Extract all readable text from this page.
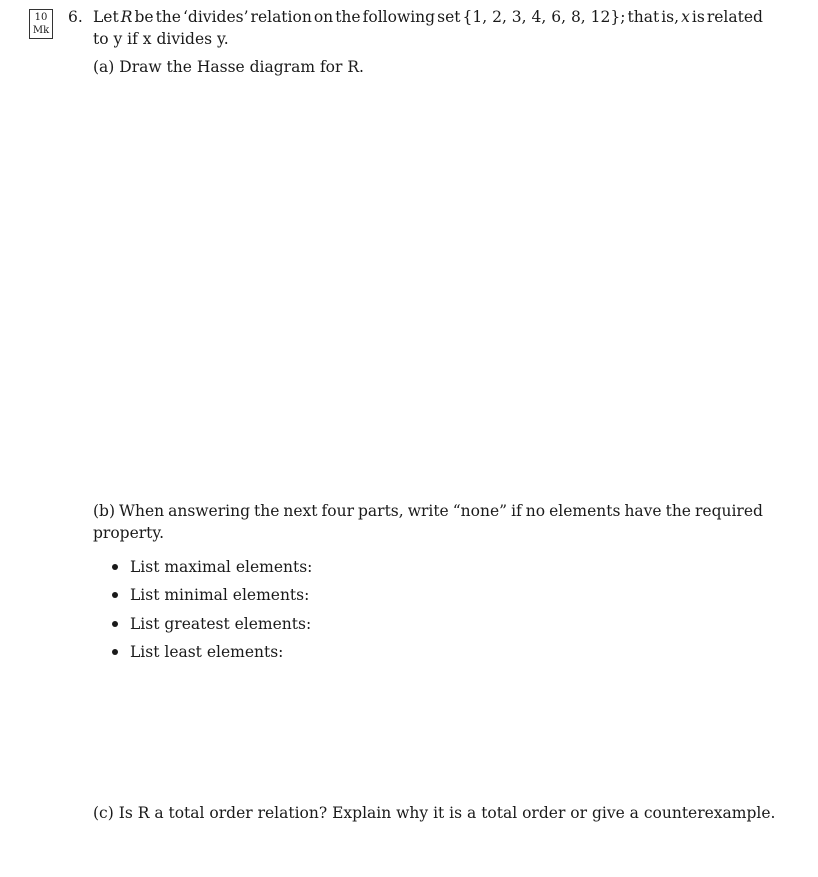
10
Mk
6. Let R be the ‘divides’ relation on the following set {1, 2, 3, 4, 6, 8, 12}; that is, x is related
to y if x divides y.
(a) Draw the Hasse diagram for R.
(b) When answering the next four parts, write “none” if no elements have the required
property.
List maximal elements:
List minimal elements:
List greatest elements:
List least elements:
(c) Is R a total order relation? Explain why it is a total order or give a counterexample.
